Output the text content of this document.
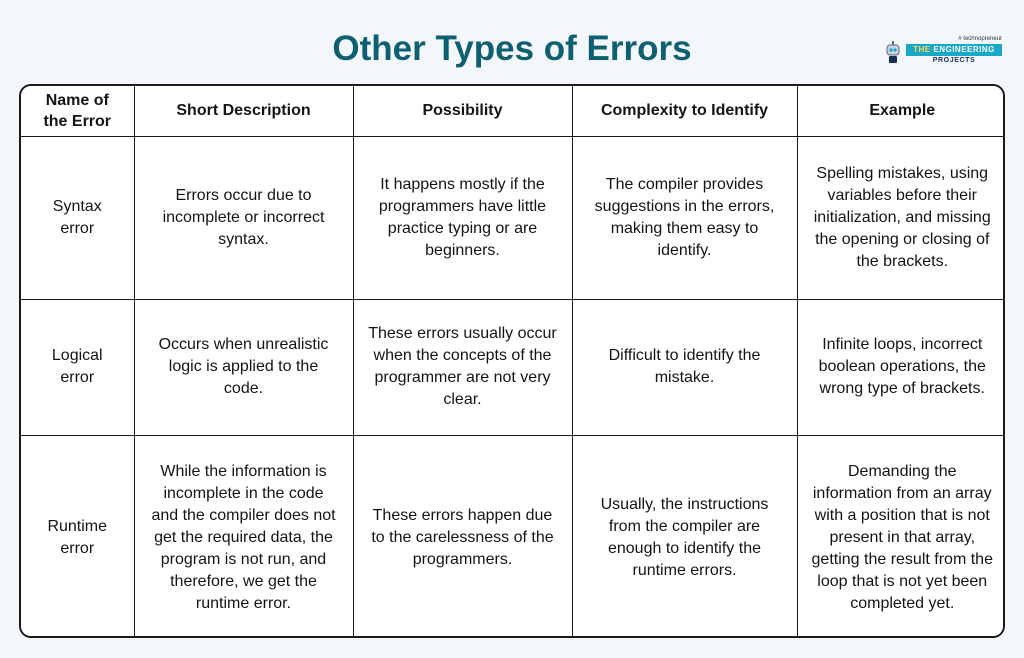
Other Types of Errors	# technopreneur
THE ENGINEERING
PROJECTS
Name of the Error	Short Description	Possibility	Complexity to Identify	Example
Syntax error	Errors occur due to incomplete or incorrect syntax.	It happens mostly if the programmers have little practice typing or are beginners.	The compiler provides suggestions in the errors, making them easy to identify.	Spelling mistakes, using variables before their initialization, and missing the opening or closing of the brackets.
Logical error	Occurs when unrealistic logic is applied to the code.	These errors usually occur when the concepts of the programmer are not very clear.	Difficult to identify the mistake.	Infinite loops, incorrect boolean operations, the wrong type of brackets.
Runtime error	While the information is incomplete in the code and the compiler does not get the required data, the program is not run, and therefore, we get the runtime error.	These errors happen due to the carelessness of the programmers.	Usually, the instructions from the compiler are enough to identify the runtime errors.	Demanding the information from an array with a position that is not present in that array, getting the result from the loop that is not yet been completed yet.
